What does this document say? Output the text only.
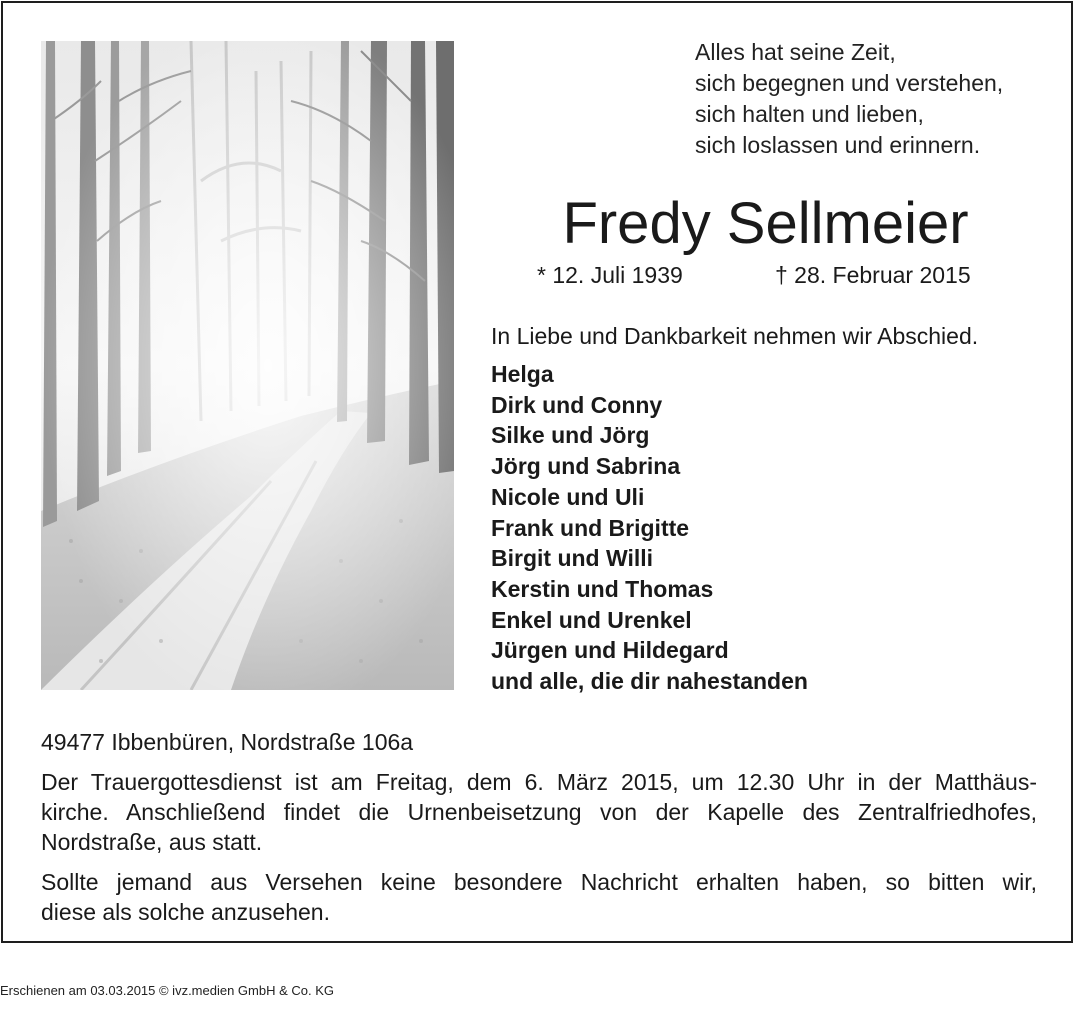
Alles hat seine Zeit,
sich begegnen und verstehen,
sich halten und lieben,
sich loslassen und erinnern.
Fredy Sellmeier
* 12. Juli 1939	† 28. Februar 2015
In Liebe und Dankbarkeit nehmen wir Abschied.
Helga
Dirk und Conny
Silke und Jörg
Jörg und Sabrina
Nicole und Uli
Frank und Brigitte
Birgit und Willi
Kerstin und Thomas
Enkel und Urenkel
Jürgen und Hildegard
und alle, die dir nahestanden
49477 Ibbenbüren, Nordstraße 106a
Der Trauergottesdienst ist am Freitag, dem 6. März 2015, um 12.30 Uhr in der Matthäus-
kirche. Anschließend findet die Urnenbeisetzung von der Kapelle des Zentralfriedhofes,
Nordstraße, aus statt.
Sollte jemand aus Versehen keine besondere Nachricht erhalten haben, so bitten wir,
diese als solche anzusehen.
Erschienen am 03.03.2015 © ivz.medien GmbH & Co. KG
